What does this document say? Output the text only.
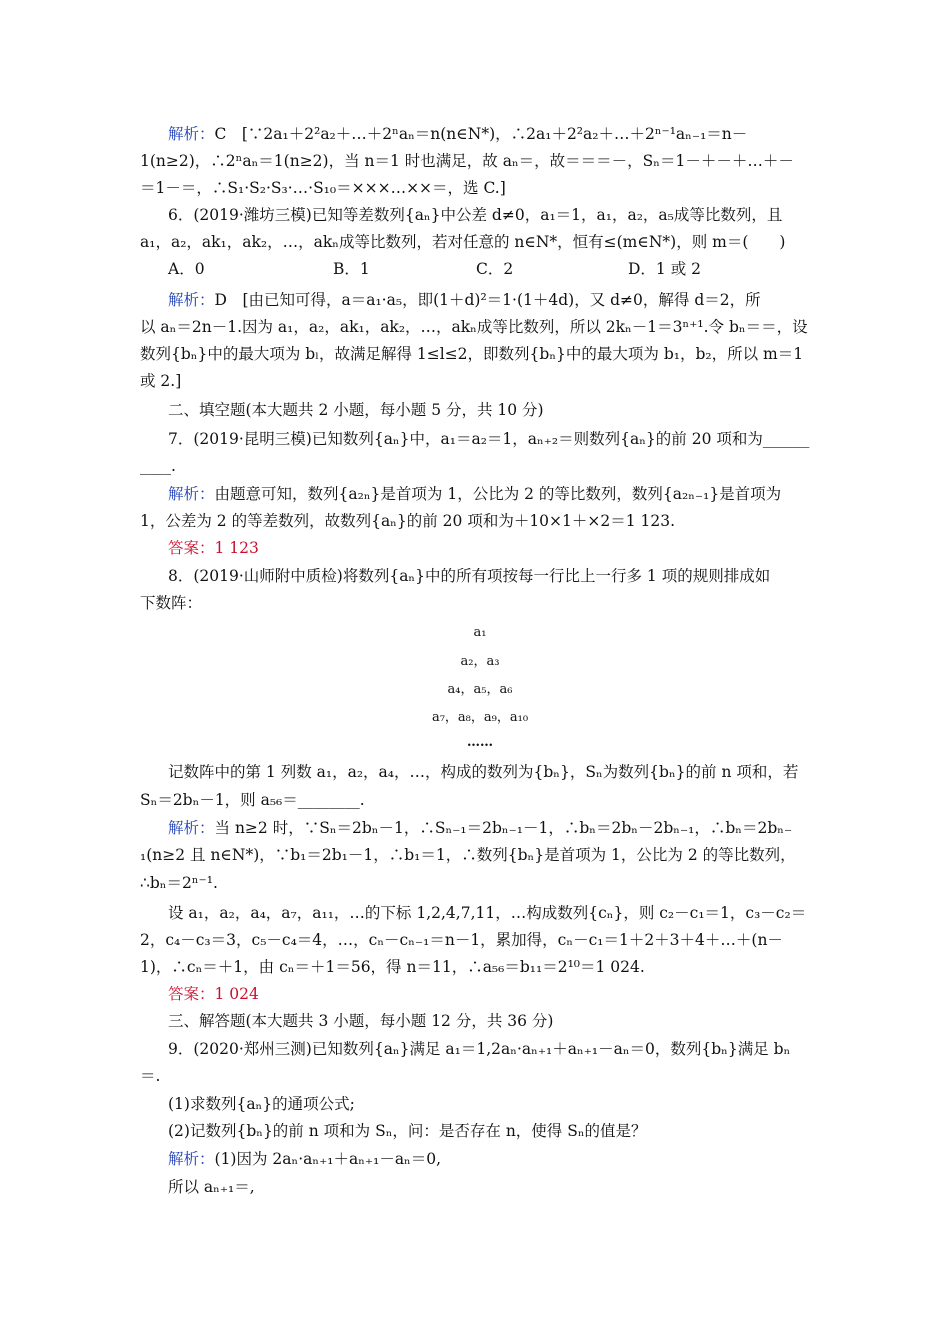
解析：C　[∵2a₁＋2²a₂＋…＋2ⁿaₙ＝n(n∈N*)，∴2a₁＋2²a₂＋…＋2ⁿ⁻¹aₙ₋₁＝n－
1(n≥2)，∴2ⁿaₙ＝1(n≥2)，当 n＝1 时也满足，故 aₙ＝，故＝＝＝－，Sₙ＝1－＋－＋…＋－
＝1－＝，∴S₁·S₂·S₃·…·S₁₀＝×××…××＝，选 C.]
6．(2019·潍坊三模)已知等差数列{aₙ}中公差 d≠0，a₁＝1，a₁，a₂，a₅成等比数列，且
a₁，a₂，ak₁，ak₂，…，akₙ成等比数列，若对任意的 n∈N*，恒有≤(m∈N*)，则 m＝(　　)
A．0	B．1	C．2	D．1 或 2
解析：D　[由已知可得，a＝a₁·a₅，即(1＋d)²＝1·(1＋4d)，又 d≠0，解得 d＝2，所
以 aₙ＝2n－1.因为 a₁，a₂，ak₁，ak₂，…，akₙ成等比数列，所以 2kₙ－1＝3ⁿ⁺¹.令 bₙ＝＝，设
数列{bₙ}中的最大项为 bₗ，故满足解得 1≤l≤2，即数列{bₙ}中的最大项为 b₁，b₂，所以 m＝1
或 2.]
二、填空题(本大题共 2 小题，每小题 5 分，共 10 分)
7．(2019·昆明三模)已知数列{aₙ}中，a₁＝a₂＝1，aₙ₊₂＝则数列{aₙ}的前 20 项和为______
____.
解析：由题意可知，数列{a₂ₙ}是首项为 1，公比为 2 的等比数列，数列{a₂ₙ₋₁}是首项为
1，公差为 2 的等差数列，故数列{aₙ}的前 20 项和为＋10×1＋×2＝1 123.
答案：1 123
8．(2019·山师附中质检)将数列{aₙ}中的所有项按每一行比上一行多 1 项的规则排成如
下数阵：
a₁
a₂，a₃
a₄，a₅，a₆
a₇，a₈，a₉，a₁₀
……
记数阵中的第 1 列数 a₁，a₂，a₄，…，构成的数列为{bₙ}，Sₙ为数列{bₙ}的前 n 项和，若
Sₙ＝2bₙ－1，则 a₅₆＝________.
解析：当 n≥2 时，∵Sₙ＝2bₙ－1，∴Sₙ₋₁＝2bₙ₋₁－1，∴bₙ＝2bₙ－2bₙ₋₁，∴bₙ＝2bₙ₋
₁(n≥2 且 n∈N*)，∵b₁＝2b₁－1，∴b₁＝1，∴数列{bₙ}是首项为 1，公比为 2 的等比数列，
∴bₙ＝2ⁿ⁻¹.
设 a₁，a₂，a₄，a₇，a₁₁，…的下标 1,2,4,7,11，…构成数列{cₙ}，则 c₂－c₁＝1，c₃－c₂＝
2，c₄－c₃＝3，c₅－c₄＝4，…，cₙ－cₙ₋₁＝n－1，累加得，cₙ－c₁＝1＋2＋3＋4＋…＋(n－
1)，∴cₙ＝＋1，由 cₙ＝＋1＝56，得 n＝11，∴a₅₆＝b₁₁＝2¹⁰＝1 024.
答案：1 024
三、解答题(本大题共 3 小题，每小题 12 分，共 36 分)
9．(2020·郑州三测)已知数列{aₙ}满足 a₁＝1,2aₙ·aₙ₊₁＋aₙ₊₁－aₙ＝0，数列{bₙ}满足 bₙ
＝.
(1)求数列{aₙ}的通项公式;
(2)记数列{bₙ}的前 n 项和为 Sₙ，问：是否存在 n，使得 Sₙ的值是？
解析：(1)因为 2aₙ·aₙ₊₁＋aₙ₊₁－aₙ＝0,
所以 aₙ₊₁＝,
